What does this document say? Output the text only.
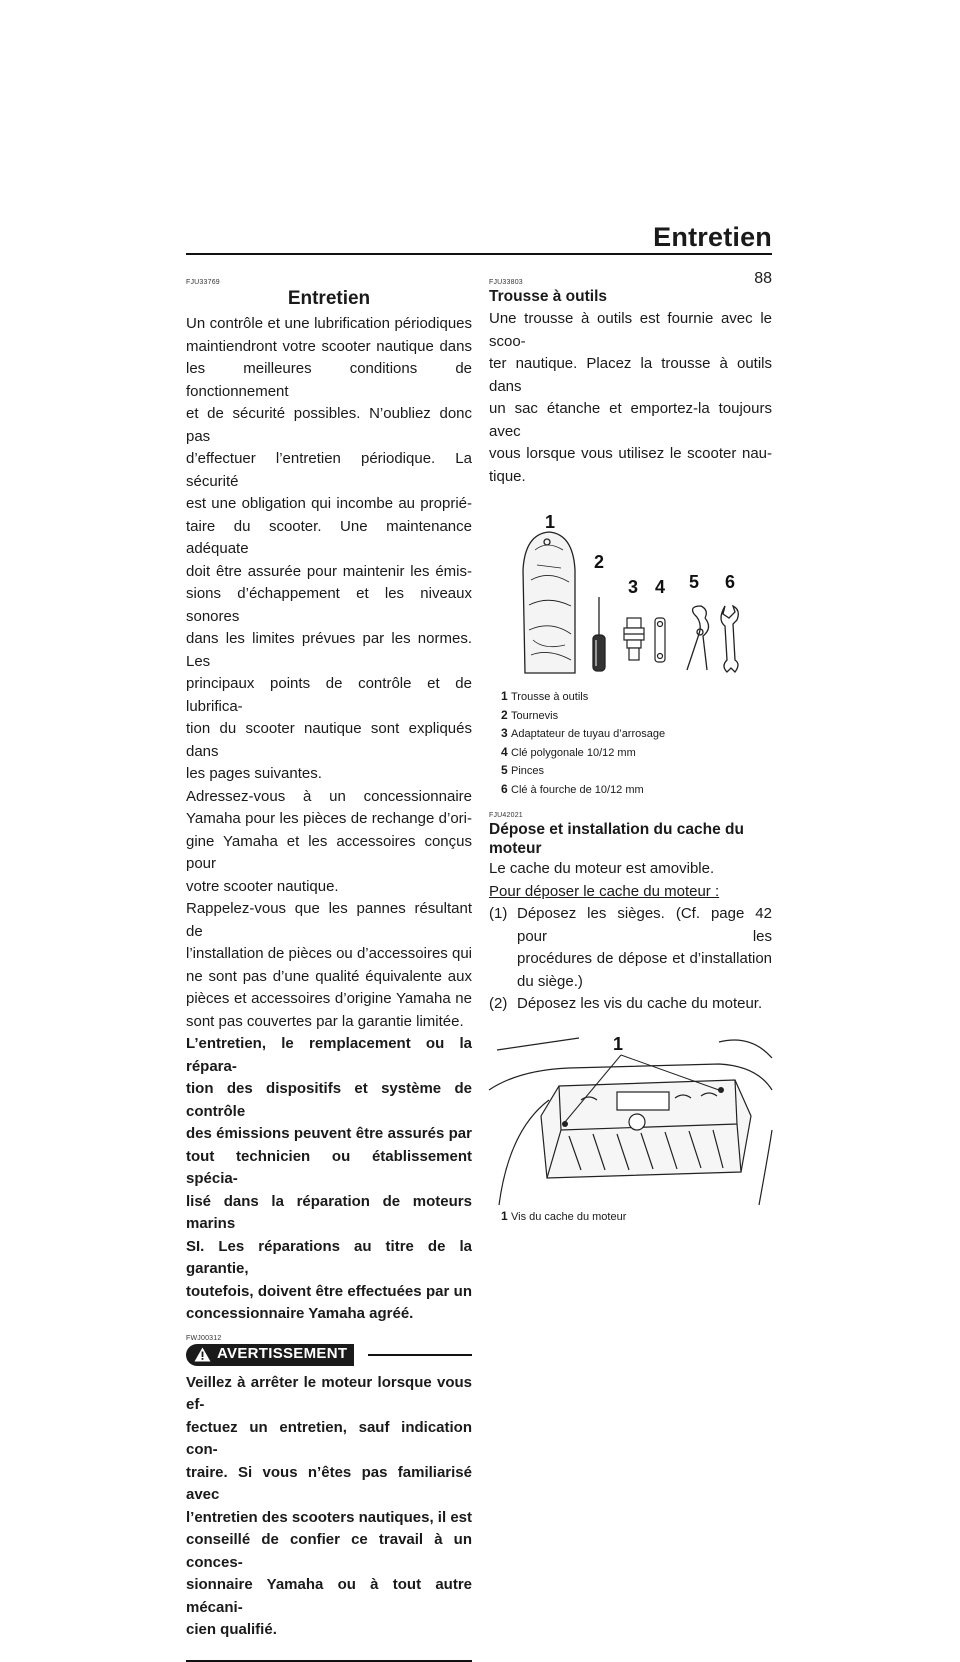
Entretien
88
FJU33769
Entretien

Un contrôle et une lubrification périodiques

maintiendront votre scooter nautique dans

les meilleures conditions de fonctionnement

et de sécurité possibles. N’oubliez donc pas

d’effectuer l’entretien périodique. La sécurité

est une obligation qui incombe au proprié-

taire du scooter. Une maintenance adéquate

doit être assurée pour maintenir les émis-

sions d’échappement et les niveaux sonores

dans les limites prévues par les normes. Les

principaux points de contrôle et de lubrifica-

tion du scooter nautique sont expliqués dans

les pages suivantes.

Adressez-vous à un concessionnaire

Yamaha pour les pièces de rechange d’ori-

gine Yamaha et les accessoires conçus pour

votre scooter nautique.

Rappelez-vous que les pannes résultant de

l’installation de pièces ou d’accessoires qui

ne sont pas d’une qualité équivalente aux

pièces et accessoires d’origine Yamaha ne

sont pas couvertes par la garantie limitée.

L’entretien, le remplacement ou la répara-

tion des dispositifs et système de contrôle

des émissions peuvent être assurés par

tout technicien ou établissement spécia-

lisé dans la réparation de moteurs marins

SI. Les réparations au titre de la garantie,

toutefois, doivent être effectuées par un

concessionnaire Yamaha agréé.

FWJ00312
AVERTISSEMENT

Veillez à arrêter le moteur lorsque vous ef-

fectuez un entretien, sauf indication con-

traire. Si vous n’êtes pas familiarisé avec

l’entretien des scooters nautiques, il est

conseillé de confier ce travail à un conces-

sionnaire Yamaha ou à tout autre mécani-

cien qualifié.

FJU33803
Trousse à outils

Une trousse à outils est fournie avec le scoo-

ter nautique. Placez la trousse à outils dans

un sac étanche et emportez-la toujours avec

vous lorsque vous utilisez le scooter nau-

tique.

1
2
3 4 5 6
1 Trousse à outils
2 Tournevis
3 Adaptateur de tuyau d’arrosage
4 Clé polygonale 10/12 mm
5 Pinces
6 Clé à fourche de 10/12 mm
FJU42021
Dépose et installation du cache du
moteur

Le cache du moteur est amovible.

Pour déposer le cache du moteur :

(1) Déposez les sièges. (Cf. page 42 pour les

procédures de dépose et d’installation

du siège.)

(2) Déposez les vis du cache du moteur.

1
1 Vis du cache du moteur
